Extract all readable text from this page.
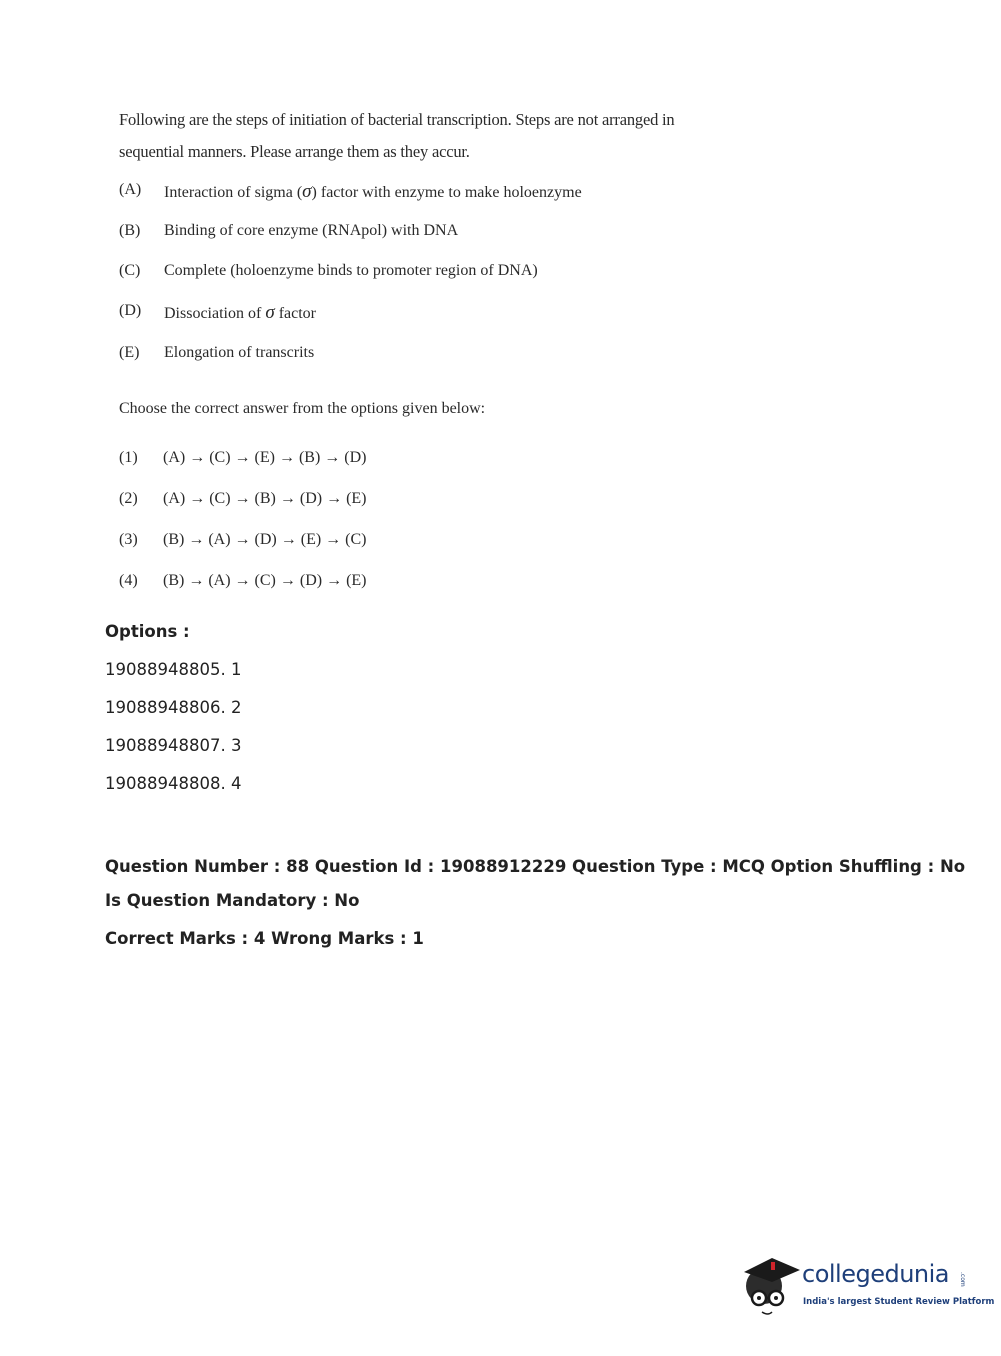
Following are the steps of initiation of bacterial transcription. Steps are not arranged in
sequential manners. Please arrange them as they accur.
(A)	Interaction of sigma (σ) factor with enzyme to make holoenzyme
(B)	Binding of core enzyme (RNApol) with DNA
(C)	Complete (holoenzyme binds to promoter region of DNA)
(D)	Dissociation of σ factor
(E)	Elongation of transcrits
Choose the correct answer from the options given below:
(1) (A) → (C) → (E) → (B) → (D)
(2) (A) → (C) → (B) → (D) → (E)
(3) (B) → (A) → (D) → (E) → (C)
(4) (B) → (A) → (C) → (D) → (E)
Options :
19088948805. 1
19088948806. 2
19088948807. 3
19088948808. 4
Question Number : 88 Question Id : 19088912229 Question Type : MCQ Option Shuffling : No
Is Question Mandatory : No
Correct Marks : 4 Wrong Marks : 1
collegedunia .com
India's largest Student Review Platform
